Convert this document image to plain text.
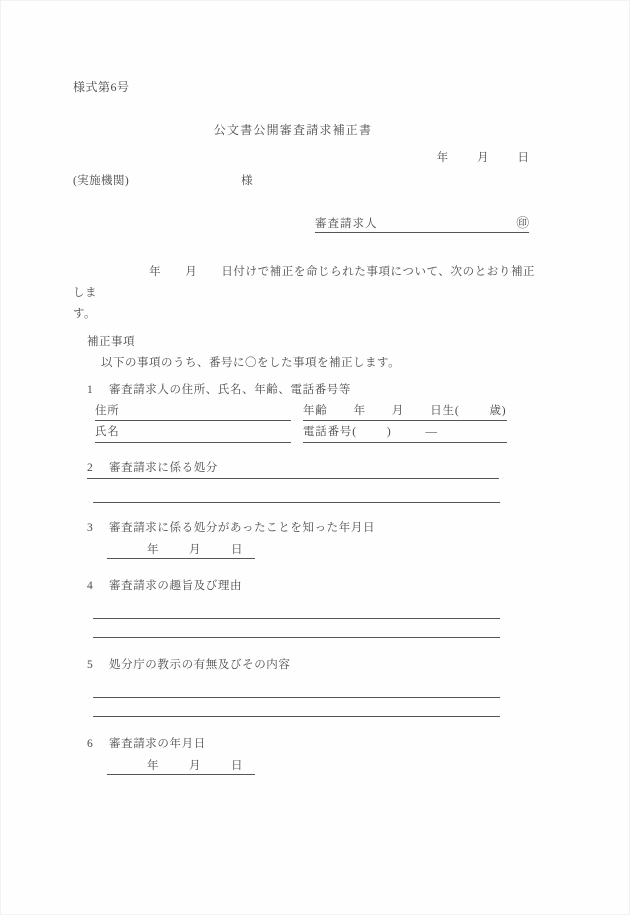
様式第6号
公文書公開審査請求補正書
年	月	日
(実施機関)	様
審査請求人	㊞
年 月 日付けで補正を命じられた事項について、次のとおり補正しま
す。
補正事項
以下の事項のうち、番号に〇をした事項を補正します。
1	審査請求人の住所、氏名、年齢、電話番号等
住所	年齢 年 月 日生(	歳)
氏名	電話番号(	)	―
2	審査請求に係る処分
3	審査請求に係る処分があったことを知った年月日
年	月	日
4	審査請求の趣旨及び理由
5	処分庁の教示の有無及びその内容
6	審査請求の年月日
年	月	日
